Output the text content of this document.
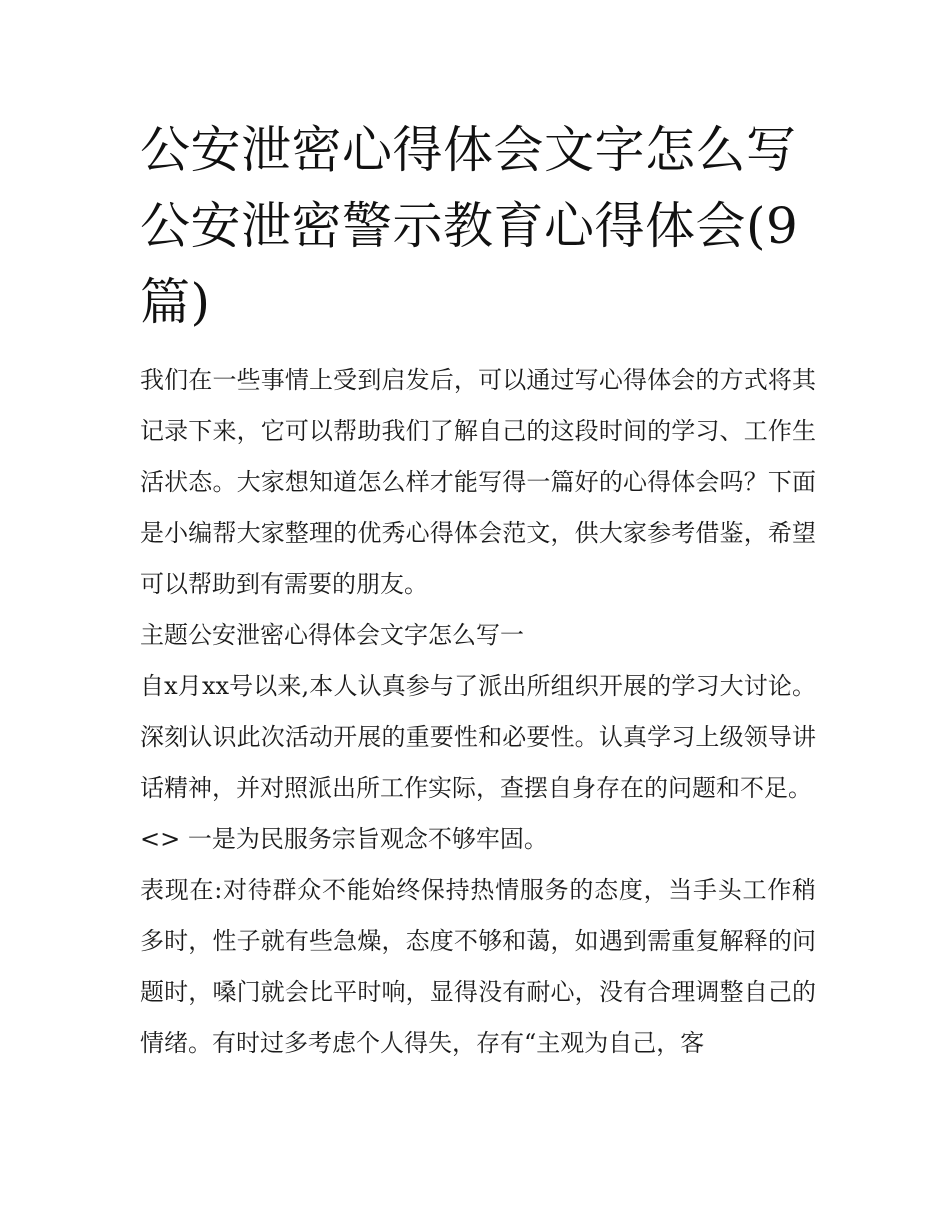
公安泄密心得体会文字怎么写公安泄密警示教育心得体会(9篇)

我们在一些事情上受到启发后，可以通过写心得体会的方式将其记录下来，它可以帮助我们了解自己的这段时间的学习、工作生活状态。大家想知道怎么样才能写得一篇好的心得体会吗？下面是小编帮大家整理的优秀心得体会范文，供大家参考借鉴，希望可以帮助到有需要的朋友。

主题公安泄密心得体会文字怎么写一

自x月xx号以来,本人认真参与了派出所组织开展的学习大讨论。深刻认识此次活动开展的重要性和必要性。认真学习上级领导讲话精神，并对照派出所工作实际，查摆自身存在的问题和不足。

<> 一是为民服务宗旨观念不够牢固。

表现在:对待群众不能始终保持热情服务的态度，当手头工作稍多时，性子就有些急燥，态度不够和蔼，如遇到需重复解释的问题时，嗓门就会比平时响，显得没有耐心，没有合理调整自己的情绪。有时过多考虑个人得失，存有“主观为自己，客
